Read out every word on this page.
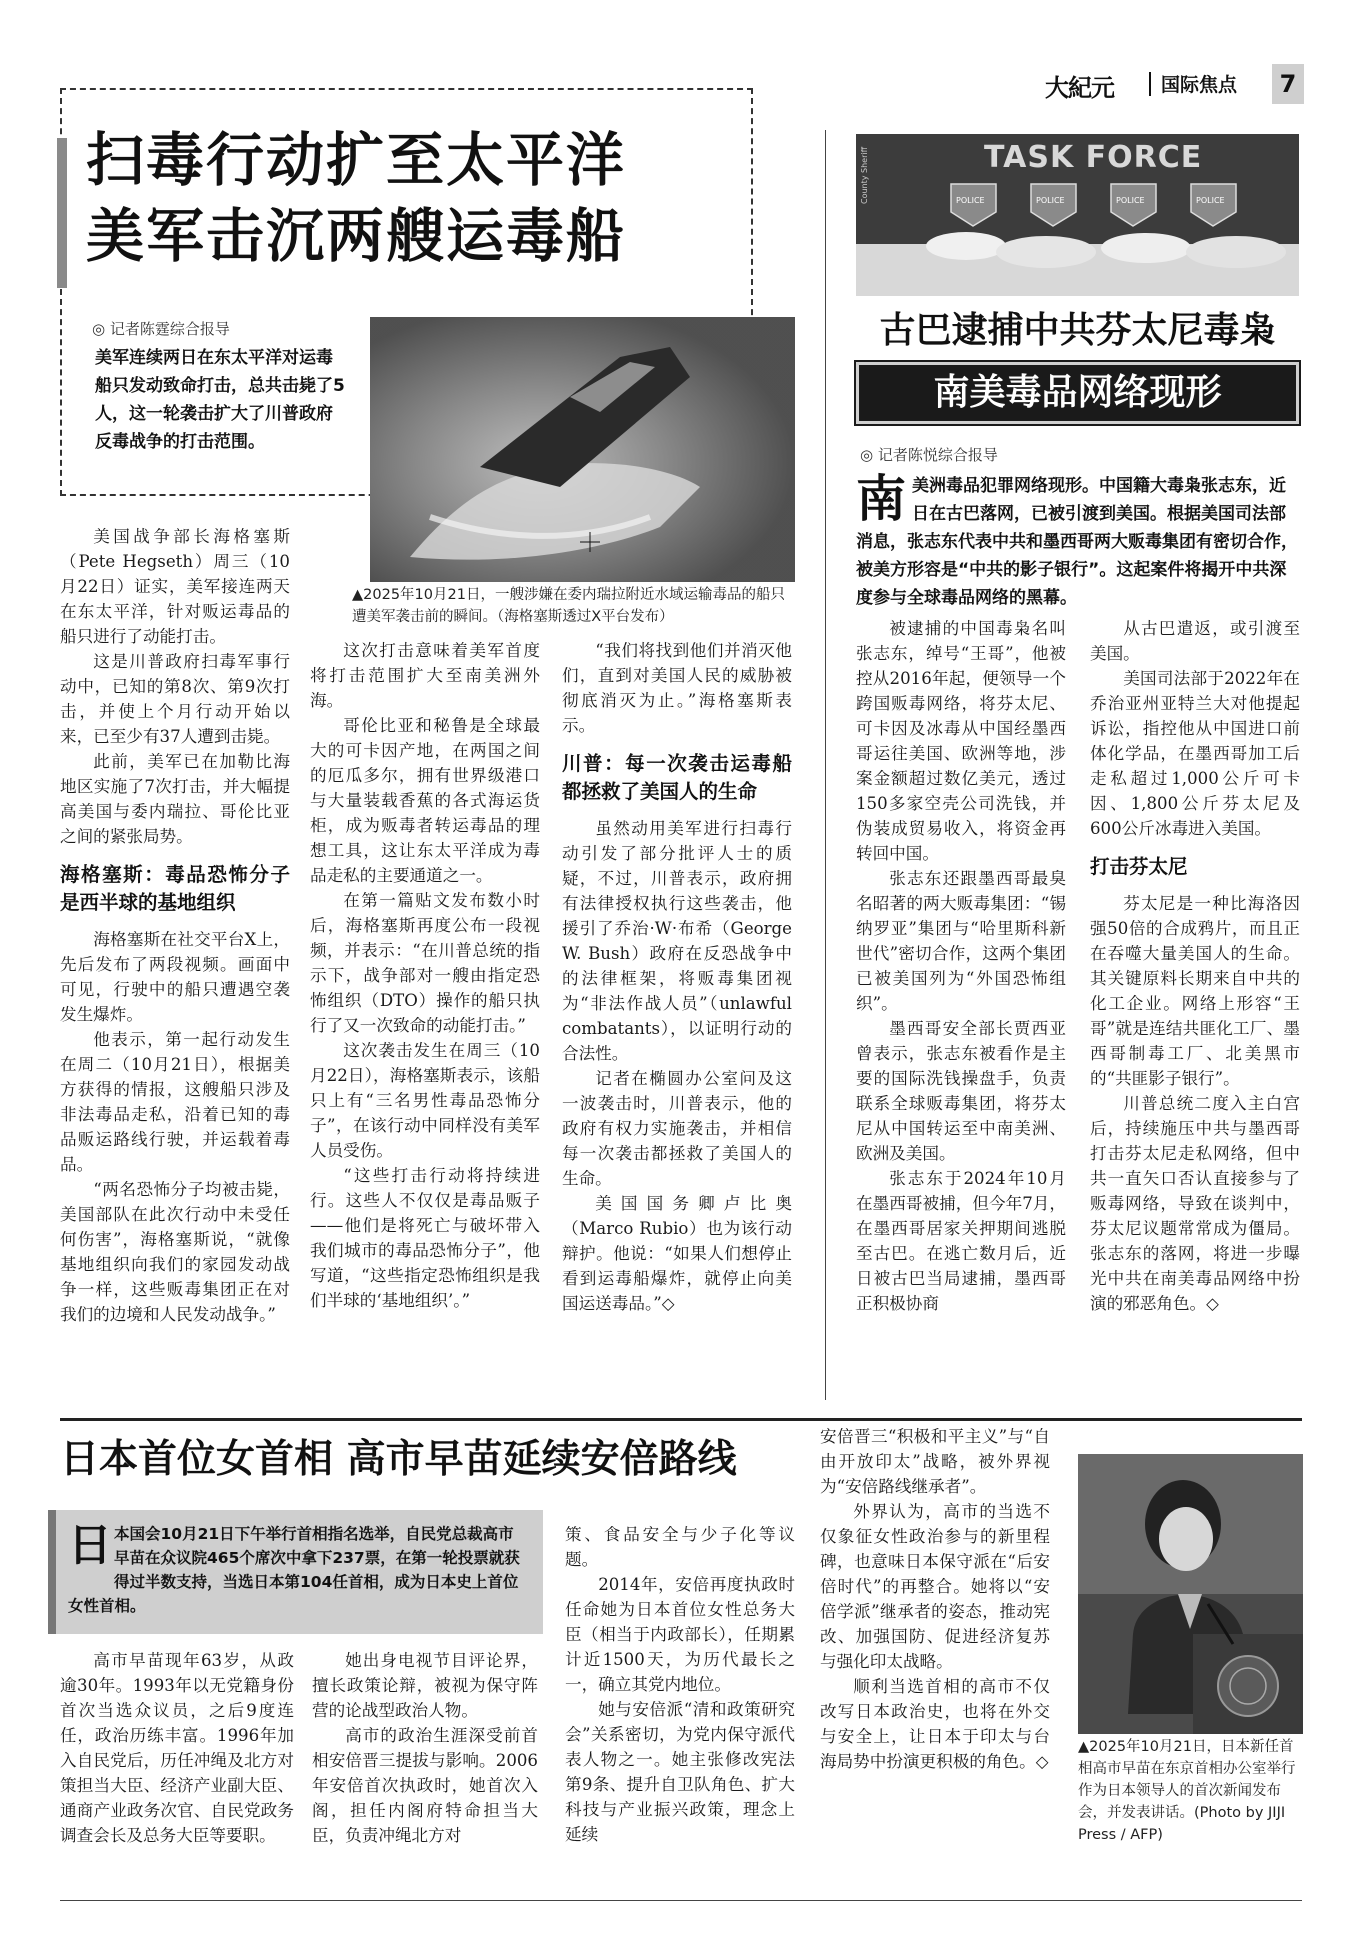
大紀元 国际焦点	7
扫毒行动扩至太平洋
美军击沉两艘运毒船
◎ 记者陈霆综合报导
美军连续两日在东太平洋对运毒船只发动致命打击，总共击毙了5人，这一轮袭击扩大了川普政府反毒战争的打击范围。
▲2025年10月21日，一艘涉嫌在委内瑞拉附近水域运输毒品的船只遭美军袭击前的瞬间。（海格塞斯透过X平台发布）

美国战争部长海格塞斯（Pete Hegseth）周三（10月22日）证实，美军接连两天在东太平洋，针对贩运毒品的船只进行了动能打击。

这是川普政府扫毒军事行动中，已知的第8次、第9次打击，并使上个月行动开始以来，已至少有37人遭到击毙。

此前，美军已在加勒比海地区实施了7次打击，并大幅提高美国与委内瑞拉、哥伦比亚之间的紧张局势。

海格塞斯：毒品恐怖分子是西半球的基地组织

海格塞斯在社交平台X上，先后发布了两段视频。画面中可见，行驶中的船只遭遇空袭发生爆炸。

他表示，第一起行动发生在周二（10月21日），根据美方获得的情报，这艘船只涉及非法毒品走私，沿着已知的毒品贩运路线行驶，并运载着毒品。

“两名恐怖分子均被击毙，美国部队在此次行动中未受任何伤害”，海格塞斯说，“就像基地组织向我们的家园发动战争一样，这些贩毒集团正在对我们的边境和人民发动战争。”

这次打击意味着美军首度将打击范围扩大至南美洲外海。

哥伦比亚和秘鲁是全球最大的可卡因产地，在两国之间的厄瓜多尔，拥有世界级港口与大量装载香蕉的各式海运货柜，成为贩毒者转运毒品的理想工具，这让东太平洋成为毒品走私的主要通道之一。

在第一篇贴文发布数小时后，海格塞斯再度公布一段视频，并表示：“在川普总统的指示下，战争部对一艘由指定恐怖组织（DTO）操作的船只执行了又一次致命的动能打击。”

这次袭击发生在周三（10月22日），海格塞斯表示，该船只上有“三名男性毒品恐怖分子”，在该行动中同样没有美军人员受伤。

“这些打击行动将持续进行。这些人不仅仅是毒品贩子——他们是将死亡与破坏带入我们城市的毒品恐怖分子”，他写道，“这些指定恐怖组织是我们半球的‘基地组织’。”

“我们将找到他们并消灭他们，直到对美国人民的威胁被彻底消灭为止。”海格塞斯表示。

川普：每一次袭击运毒船都拯救了美国人的生命

虽然动用美军进行扫毒行动引发了部分批评人士的质疑，不过，川普表示，政府拥有法律授权执行这些袭击，他援引了乔治·W·布希（George W. Bush）政府在反恐战争中的法律框架，将贩毒集团视为“非法作战人员”（unlawful combatants），以证明行动的合法性。

记者在椭圆办公室问及这一波袭击时，川普表示，他的政府有权力实施袭击，并相信每一次袭击都拯救了美国人的生命。

美国国务卿卢比奥（Marco Rubio）也为该行动辩护。他说：“如果人们想停止看到运毒船爆炸，就停止向美国运送毒品。”◇

TASK FORCE
POLICE	POLICE	POLICE	POLICE
County Sheriff
古巴逮捕中共芬太尼毒枭
南美毒品网络现形
◎ 记者陈悦综合报导
南 美洲毒品犯罪网络现形。中国籍大毒枭张志东，近日在古巴落网，已被引渡到美国。根据美国司法部消息，张志东代表中共和墨西哥两大贩毒集团有密切合作，被美方形容是“中共的影子银行”。这起案件将揭开中共深度参与全球毒品网络的黑幕。

被逮捕的中国毒枭名叫张志东，绰号“王哥”，他被控从2016年起，便领导一个跨国贩毒网络，将芬太尼、可卡因及冰毒从中国经墨西哥运往美国、欧洲等地，涉案金额超过数亿美元，透过150多家空壳公司洗钱，并伪装成贸易收入，将资金再转回中国。

张志东还跟墨西哥最臭名昭著的两大贩毒集团：“锡纳罗亚”集团与“哈里斯科新世代”密切合作，这两个集团已被美国列为“外国恐怖组织”。

墨西哥安全部长贾西亚曾表示，张志东被看作是主要的国际洗钱操盘手，负责联系全球贩毒集团，将芬太尼从中国转运至中南美洲、欧洲及美国。

张志东于2024年10月在墨西哥被捕，但今年7月，在墨西哥居家关押期间逃脱至古巴。在逃亡数月后，近日被古巴当局逮捕，墨西哥正积极协商

从古巴遣返，或引渡至美国。

美国司法部于2022年在乔治亚州亚特兰大对他提起诉讼，指控他从中国进口前体化学品，在墨西哥加工后走私超过1,000公斤可卡因、1,800公斤芬太尼及600公斤冰毒进入美国。

打击芬太尼

芬太尼是一种比海洛因强50倍的合成鸦片，而且正在吞噬大量美国人的生命。其关键原料长期来自中共的化工企业。网络上形容“王哥”就是连结共匪化工厂、墨西哥制毒工厂、北美黑市的“共匪影子银行”。

川普总统二度入主白宫后，持续施压中共与墨西哥打击芬太尼走私网络，但中共一直矢口否认直接参与了贩毒网络，导致在谈判中，芬太尼议题常常成为僵局。张志东的落网，将进一步曝光中共在南美毒品网络中扮演的邪恶角色。◇

日本首位女首相 高市早苗延续安倍路线
日 本国会10月21日下午举行首相指名选举，自民党总裁高市早苗在众议院465个席次中拿下237票，在第一轮投票就获得过半数支持，当选日本第104任首相，成为日本史上首位女性首相。

高市早苗现年63岁，从政逾30年。1993年以无党籍身份首次当选众议员，之后9度连任，政治历练丰富。1996年加入自民党后，历任冲绳及北方对策担当大臣、经济产业副大臣、通商产业政务次官、自民党政务调查会长及总务大臣等要职。

她出身电视节目评论界，擅长政策论辩，被视为保守阵营的论战型政治人物。

高市的政治生涯深受前首相安倍晋三提拔与影响。2006年安倍首次执政时，她首次入阁，担任内阁府特命担当大臣，负责冲绳北方对

策、食品安全与少子化等议题。

2014年，安倍再度执政时任命她为日本首位女性总务大臣（相当于内政部长），任期累计近1500天，为历代最长之一，确立其党内地位。

她与安倍派“清和政策研究会”关系密切，为党内保守派代表人物之一。她主张修改宪法第9条、提升自卫队角色、扩大科技与产业振兴政策，理念上延续

安倍晋三“积极和平主义”与“自由开放印太”战略，被外界视为“安倍路线继承者”。

外界认为，高市的当选不仅象征女性政治参与的新里程碑，也意味日本保守派在“后安倍时代”的再整合。她将以“安倍学派”继承者的姿态，推动宪改、加强国防、促进经济复苏与强化印太战略。

顺利当选首相的高市不仅改写日本政治史，也将在外交与安全上，让日本于印太与台海局势中扮演更积极的角色。◇

▲2025年10月21日，日本新任首相高市早苗在东京首相办公室举行作为日本领导人的首次新闻发布会，并发表讲话。(Photo by JIJI Press / AFP)
